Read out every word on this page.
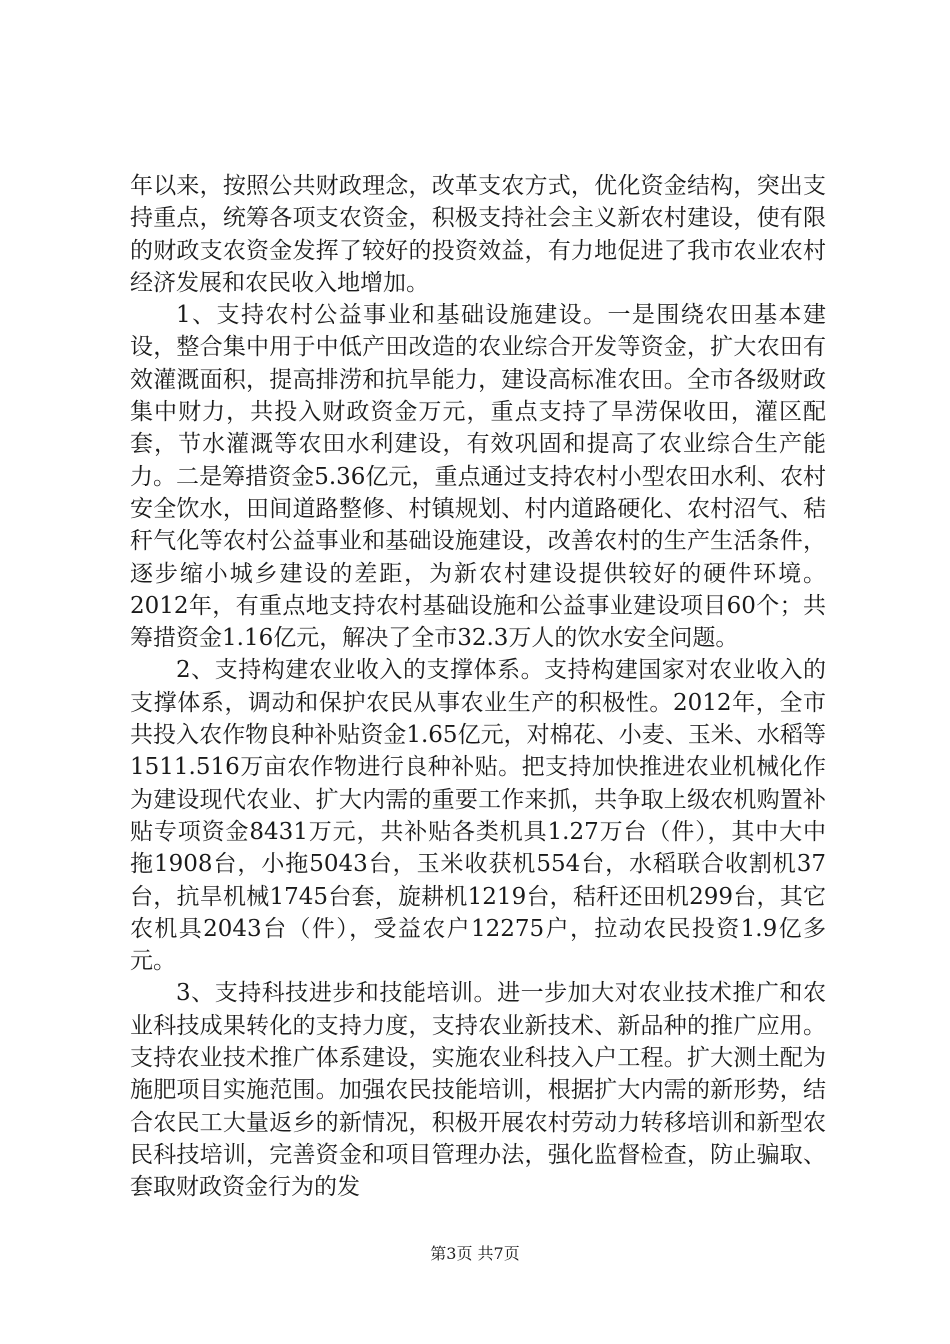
年以来，按照公共财政理念，改革支农方式，优化资金结构，突出支持重点，统筹各项支农资金，积极支持社会主义新农村建设，使有限的财政支农资金发挥了较好的投资效益，有力地促进了我市农业农村经济发展和农民收入地增加。

1、支持农村公益事业和基础设施建设。一是围绕农田基本建设，整合集中用于中低产田改造的农业综合开发等资金，扩大农田有效灌溉面积，提高排涝和抗旱能力，建设高标准农田。全市各级财政集中财力，共投入财政资金万元，重点支持了旱涝保收田，灌区配套，节水灌溉等农田水利建设，有效巩固和提高了农业综合生产能力。二是筹措资金5.36亿元，重点通过支持农村小型农田水利、农村安全饮水，田间道路整修、村镇规划、村内道路硬化、农村沼气、秸秆气化等农村公益事业和基础设施建设，改善农村的生产生活条件，逐步缩小城乡建设的差距，为新农村建设提供较好的硬件环境。2012年，有重点地支持农村基础设施和公益事业建设项目60个；共筹措资金1.16亿元，解决了全市32.3万人的饮水安全问题。

2、支持构建农业收入的支撑体系。支持构建国家对农业收入的支撑体系，调动和保护农民从事农业生产的积极性。2012年，全市共投入农作物良种补贴资金1.65亿元，对棉花、小麦、玉米、水稻等1511.516万亩农作物进行良种补贴。把支持加快推进农业机械化作为建设现代农业、扩大内需的重要工作来抓，共争取上级农机购置补贴专项资金8431万元，共补贴各类机具1.27万台（件），其中大中拖1908台，小拖5043台，玉米收获机554台，水稻联合收割机37台，抗旱机械1745台套，旋耕机1219台，秸秆还田机299台，其它农机具2043台（件），受益农户12275户，拉动农民投资1.9亿多元。

3、支持科技进步和技能培训。进一步加大对农业技术推广和农业科技成果转化的支持力度，支持农业新技术、新品种的推广应用。支持农业技术推广体系建设，实施农业科技入户工程。扩大测土配为施肥项目实施范围。加强农民技能培训，根据扩大内需的新形势，结合农民工大量返乡的新情况，积极开展农村劳动力转移培训和新型农民科技培训，完善资金和项目管理办法，强化监督检查，防止骗取、套取财政资金行为的发

第3页 共7页
